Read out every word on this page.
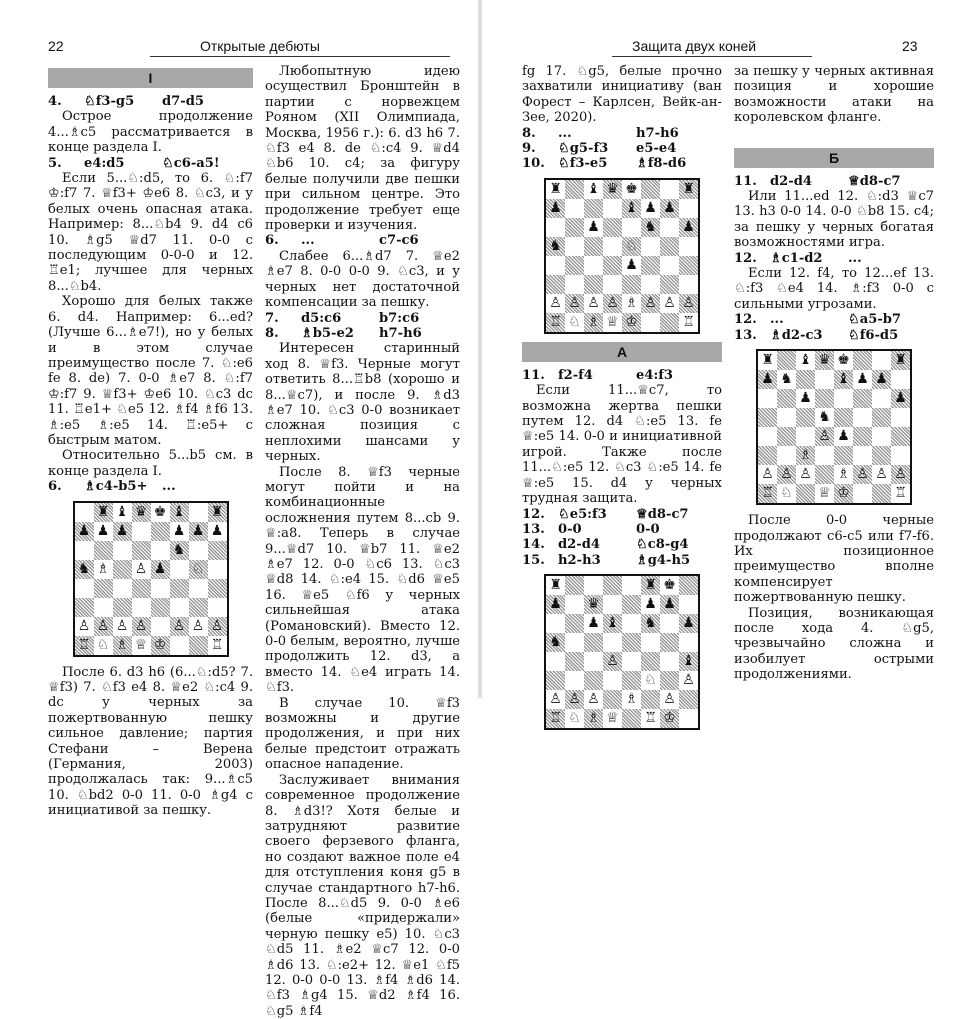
22	Открытые дебюты
I
4.	♘f3-g5	d7-d5

Острое продолжение 4...♗c5 рассматривается в конце раздела I.

5.	e4:d5	♘c6-a5!

Если 5...♘:d5, то 6. ♘:f7 ♔:f7 7. ♕f3+ ♔e6 8. ♘c3, и у белых очень опасная атака. Например: 8...♘b4 9. d4 c6 10. ♗g5 ♕d7 11. 0-0 с последующим 0-0-0 и 12. ♖e1; лучшее для черных 8...♘b4.

Хорошо для белых также 6. d4. Например: 6...ed? (Лучше 6...♗e7!), но у белых и в этом случае преимущество после 7. ♘:e6 fe 8. de) 7. 0-0 ♗e7 8. ♘:f7 ♔:f7 9. ♕f3+ ♔e6 10. ♘c3 dc 11. ♖e1+ ♘e5 12. ♗f4 ♗f6 13. ♗:e5 ♗:e5 14. ♖:e5+ с быстрым матом.

Относительно 5...b5 см. в конце раздела I.

6.	♗c4-b5+	...
♜ ♝ ♛ ♚ ♝ ♜
♟ ♟ ♟	♟ ♟ ♟
♞
♞ ♗ ♙ ♟ ♘
♙ ♙ ♙ ♙ ♙ ♙ ♙
♖ ♘ ♗ ♕ ♔	♖

После 6. d3 h6 (6...♘:d5? 7. ♕f3) 7. ♘f3 e4 8. ♕e2 ♘:c4 9. dc у черных за пожертвованную пешку сильное давление; партия Стефани – Верена (Германия, 2003) продолжалась так: 9...♗c5 10. ♘bd2 0-0 11. 0-0 ♗g4 с инициативой за пешку.

Любопытную идею осуществил Бронштейн в партии с норвежцем Рояном (XII Олимпиада, Москва, 1956 г.): 6. d3 h6 7. ♘f3 e4 8. de ♘:c4 9. ♕d4 ♘b6 10. c4; за фигуру белые получили две пешки при сильном центре. Это продолжение требует еще проверки и изучения.

6.	...	c7-c6

Слабее 6...♗d7 7. ♕e2 ♗e7 8. 0-0 0-0 9. ♘c3, и у черных нет достаточной компенсации за пешку.

7.	d5:c6	b7:c6
8.	♗b5-e2	h7-h6

Интересен старинный ход 8. ♕f3. Черные могут ответить 8...♖b8 (хорошо и 8...♕c7), и после 9. ♗d3 ♗e7 10. ♘c3 0-0 возникает сложная позиция с неплохими шансами у черных.

После 8. ♕f3 черные могут пойти и на комбинационные осложнения путем 8...cb 9. ♕:a8. Теперь в случае 9...♕d7 10. ♕b7 11. ♕e2 ♗e7 12. 0-0 ♘c6 13. ♘c3 ♕d8 14. ♘:e4 15. ♘d6 ♕e5 16. ♕e5 ♘f6 у черных сильнейшая атака (Романовский). Вместо 12. 0-0 белым, вероятно, лучше продолжить 12. d3, а вместо 14. ♘e4 играть 14. ♘f3.

В случае 10. ♕f3 возможны и другие продолжения, и при них белые предстоит отражать опасное нападение.

Заслуживает внимания современное продолжение 8. ♗d3!? Хотя белые и затрудняют развитие своего ферзевого фланга, но создают важное поле e4 для отступления коня g5 в случае стандартного h7-h6. После 8...♘d5 9. 0-0 ♗e6 (белые «придержали» черную пешку e5) 10. ♘c3 ♘d5 11. ♗e2 ♕c7 12. 0-0 ♗d6 13. ♘:e2+ 12. ♕e1 ♘f5 12. 0-0 0-0 13. ♗f4 ♗d6 14. ♘f3 ♗g4 15. ♕d2 ♗f4 16. ♘g5 ♗f4

Защита двух коней	23

fg 17. ♘g5, белые прочно захватили инициативу (ван Форест – Карлсен, Вейк-ан-Зее, 2020).

8.	...	h7-h6
9.	♘g5-f3	e5-e4
10.	♘f3-e5	♗f8-d6
♜ ♝ ♛ ♚	♜
♟	♝ ♟ ♟
♟	♞ ♟
♞	♘
♟
♙ ♙ ♙ ♙ ♗ ♙ ♙ ♙
♖ ♘ ♗ ♕ ♔	♖
А
11.	f2-f4	e4:f3

Если 11...♕c7, то возможна жертва пешки путем 12. d4 ♘:e5 13. fe ♕:e5 14. 0-0 и инициативной игрой. Также после 11...♘:e5 12. ♘c3 ♘:e5 14. fe ♕:e5 15. d4 у черных трудная защита.

12.	♘e5:f3	♕d8-c7
13.	0-0	0-0
14.	d2-d4	♘c8-g4
15.	h2-h3	♗g4-h5
♜	♜ ♚
♟ ♛	♟ ♟
♟ ♝ ♞ ♟
♞
♙	♝
♘ ♙
♙ ♙ ♙ ♗ ♙
♖ ♘ ♗ ♕ ♖ ♔

за пешку у черных активная позиция и хорошие возможности атаки на королевском фланге.

Б
11.	d2-d4	♕d8-c7

Или 11...ed 12. ♘:d3 ♕c7 13. h3 0-0 14. 0-0 ♘b8 15. c4; за пешку у черных богатая возможностями игра.

12.	♗c1-d2	...

Если 12. f4, то 12...ef 13. ♘:f3 ♘e4 14. ♗:f3 0-0 с сильными угрозами.

12.	...	♘a5-b7
13.	♗d2-c3	♘f6-d5
♜ ♝ ♛ ♚	♜
♟ ♞	♝ ♟ ♟
♟	♟
♞
♙ ♟
♗
♙ ♙ ♙ ♗ ♙ ♙ ♙
♖ ♘ ♕ ♔	♖

После 0-0 черные продолжают c6-c5 или f7-f6. Их позиционное преимущество вполне компенсирует пожертвованную пешку.

Позиция, возникающая после хода 4. ♘g5, чрезвычайно сложна и изобилует острыми продолжениями.
